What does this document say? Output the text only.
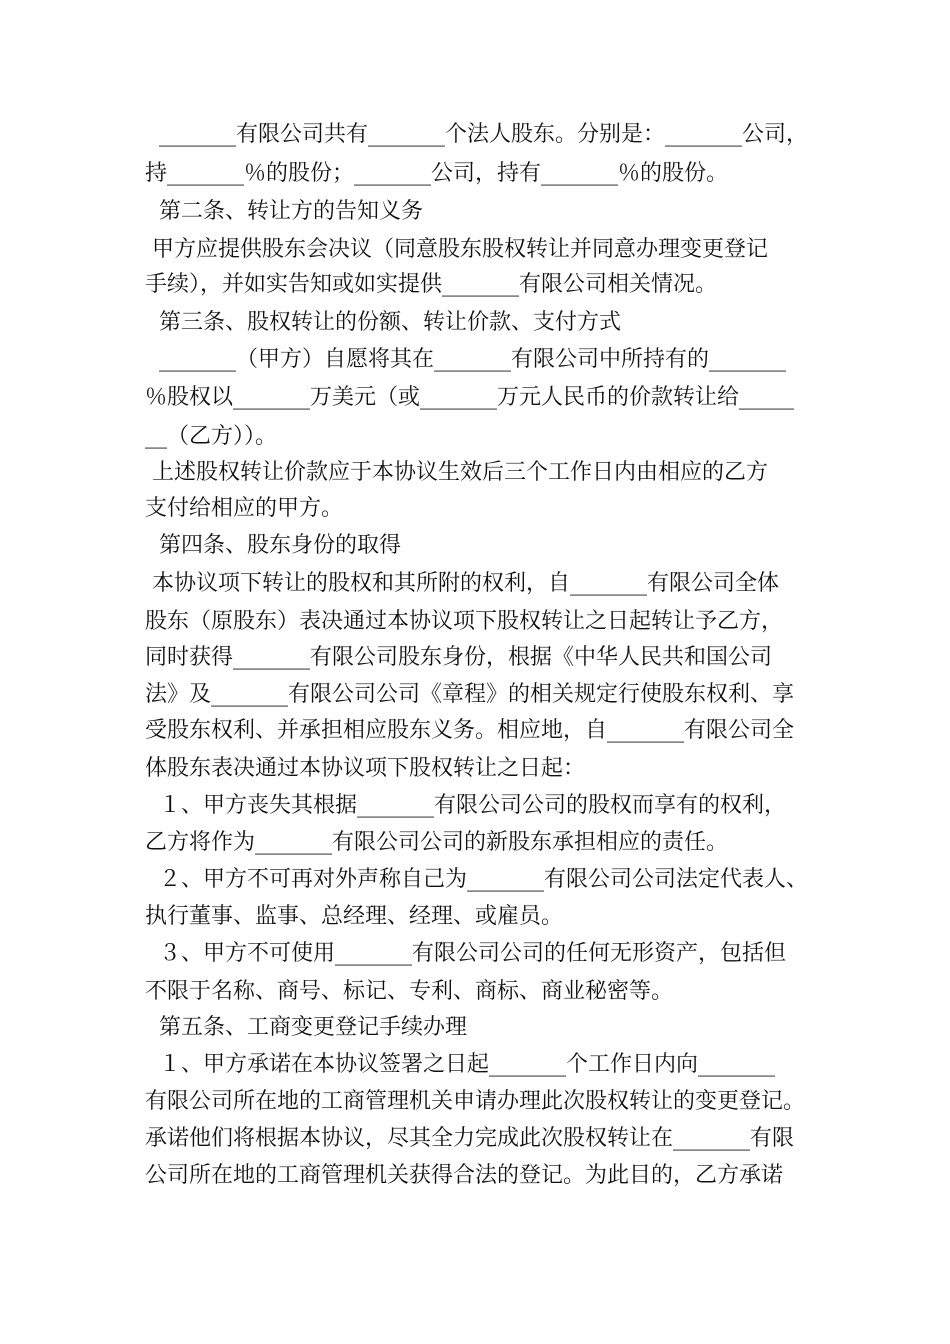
_______有限公司共有_______个法人股东。分别是：_______公司，
持_______％的股份；_______公司，持有_______％的股份。
第二条、转让方的告知义务
甲方应提供股东会决议（同意股东股权转让并同意办理变更登记
手续），并如实告知或如实提供_______有限公司相关情况。
第三条、股权转让的份额、转让价款、支付方式
_______（甲方）自愿将其在_______有限公司中所持有的_______
％股权以_______万美元（或_______万元人民币的价款转让给_____
__（乙方））。
上述股权转让价款应于本协议生效后三个工作日内由相应的乙方
支付给相应的甲方。
第四条、股东身份的取得
本协议项下转让的股权和其所附的权利，自_______有限公司全体
股东（原股东）表决通过本协议项下股权转让之日起转让予乙方，
同时获得_______有限公司股东身份，根据《中华人民共和国公司
法》及_______有限公司公司《章程》的相关规定行使股东权利、享
受股东权利、并承担相应股东义务。相应地，自_______有限公司全
体股东表决通过本协议项下股权转让之日起：
１、甲方丧失其根据_______有限公司公司的股权而享有的权利，
乙方将作为_______有限公司公司的新股东承担相应的责任。
２、甲方不可再对外声称自己为_______有限公司公司法定代表人、
执行董事、监事、总经理、经理、或雇员。
３、甲方不可使用_______有限公司公司的任何无形资产，包括但
不限于名称、商号、标记、专利、商标、商业秘密等。
第五条、工商变更登记手续办理
１、甲方承诺在本协议签署之日起_______个工作日内向_______
有限公司所在地的工商管理机关申请办理此次股权转让的变更登记。
承诺他们将根据本协议，尽其全力完成此次股权转让在_______有限
公司所在地的工商管理机关获得合法的登记。为此目的，乙方承诺
